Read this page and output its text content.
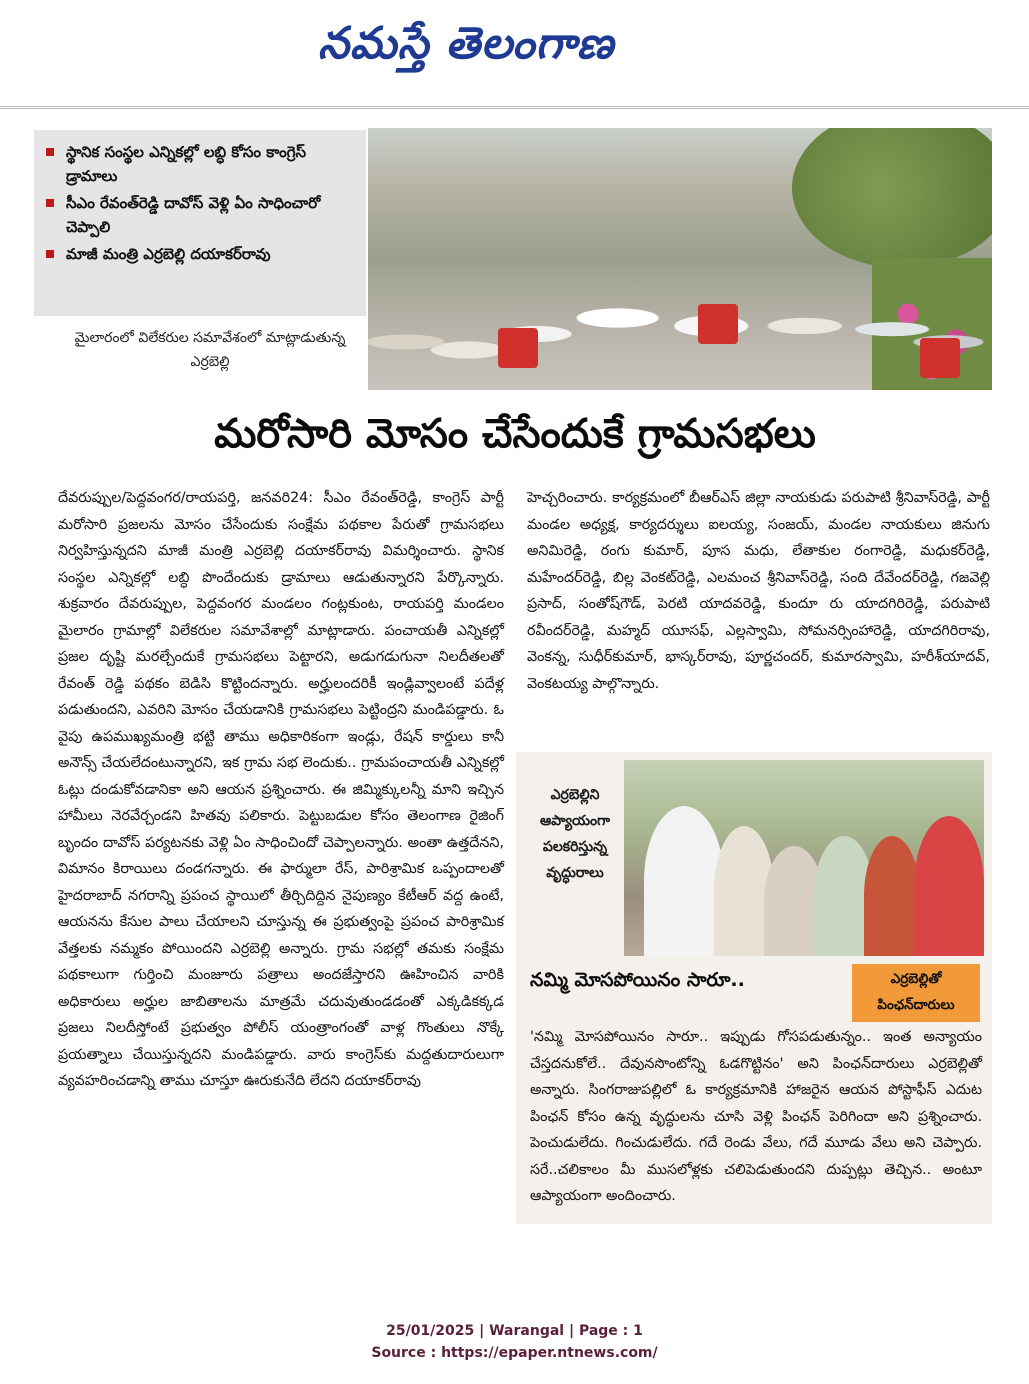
నమస్తే తెలంగాణ
స్థానిక సంస్థల ఎన్నికల్లో లబ్ధి కోసం కాంగ్రెస్ డ్రామాలు
సీఎం రేవంత్‌రెడ్డి దావోస్ వెళ్లి ఏం సాధించారో చెప్పాలి
మాజీ మంత్రి ఎర్రబెల్లి దయాకర్‌రావు
మైలారంలో విలేకరుల సమావేశంలో మాట్లాడుతున్న ఎర్రబెల్లి
మరోసారి మోసం చేసేందుకే గ్రామసభలు
దేవరుప్పుల/పెద్దవంగర/రాయపర్తి, జనవరి24: సీఎం రేవంత్‌రెడ్డి, కాంగ్రెస్ పార్టీ మరోసారి ప్రజలను మోసం చేసేందుకు సంక్షేమ పథకాల పేరుతో గ్రామసభలు నిర్వహిస్తున్నదని మాజీ మంత్రి ఎర్రబెల్లి దయాకర్‌రావు విమర్శించారు. స్థానిక సంస్థల ఎన్నికల్లో లబ్ధి పొందేందుకు డ్రామాలు ఆడుతున్నారని పేర్కొన్నారు. శుక్రవారం దేవరుప్పుల, పెద్దవంగర మండలం గంట్లకుంట, రాయపర్తి మండలం మైలారం గ్రామాల్లో విలేకరుల సమావేశాల్లో మాట్లాడారు. పంచాయతీ ఎన్నికల్లో ప్రజల దృష్టి మరల్చేందుకే గ్రామసభలు పెట్టారని, అడుగడుగునా నిలదీతలతో రేవంత్ రెడ్డి పథకం బెడిసి కొట్టిందన్నారు. అర్హులందరికీ ఇండ్లివ్వాలంటే పదేళ్ల పడుతుందని, ఎవరిని మోసం చేయడానికి గ్రామసభలు పెట్టింద్రని మండిపడ్డారు. ఓ వైపు ఉపముఖ్యమంత్రి భట్టి తాము అధికారికంగా ఇండ్లు, రేషన్ కార్డులు కానీ అనౌన్స్ చేయలేదంటున్నారని, ఇక గ్రామ సభ లెందుకు.. గ్రామపంచాయతీ ఎన్నికల్లో ఓట్లు దండుకోవడానికా అని ఆయన ప్రశ్నించారు. ఈ జిమ్మిక్కులన్నీ మాని ఇచ్చిన హామీలు నెరవేర్చండని హితవు పలికారు. పెట్టుబడుల కోసం తెలంగాణ రైజింగ్ బృందం దావోస్ పర్యటనకు వెళ్లి ఏం సాధించిందో చెప్పాలన్నారు. అంతా ఉత్తదేనని, విమానం కిరాయిలు దండగన్నారు. ఈ ఫార్ములా రేస్, పారిశ్రామిక ఒప్పందాలతో హైదరాబాద్ నగరాన్ని ప్రపంచ స్థాయిలో తీర్చిదిద్దిన నైపుణ్యం కేటీఆర్ వద్ద ఉంటే, ఆయనను కేసుల పాలు చేయాలని చూస్తున్న ఈ ప్రభుత్వంపై ప్రపంచ పారిశ్రామిక వేత్తలకు నమ్మకం పోయిందని ఎర్రబెల్లి అన్నారు. గ్రామ సభల్లో తమకు సంక్షేమ పథకాలుగా గుర్తించి మంజూరు పత్రాలు అందజేస్తారని ఊహించిన వారికి అధికారులు అర్హుల జాబితాలను మాత్రమే చదువుతుండడంతో ఎక్కడికక్కడ ప్రజలు నిలదీస్తోంటే ప్రభుత్వం పోలీస్ యంత్రాంగంతో వాళ్ల గొంతులు నొక్కే ప్రయత్నాలు చేయిస్తున్నదని మండిపడ్డారు. వారు కాంగ్రెస్‌కు మద్దతుదారులుగా వ్యవహరించడాన్ని తాము చూస్తూ ఊరుకునేది లేదని దయాకర్‌రావు
హెచ్చరించారు. కార్యక్రమంలో బీఆర్‌ఎస్ జిల్లా నాయకుడు పరుపాటి శ్రీనివాస్‌రెడ్డి, పార్టీ మండల అధ్యక్ష, కార్యదర్శులు ఐలయ్య, సంజయ్, మండల నాయకులు జినుగు అనిమిరెడ్డి, రంగు కుమార్, పూస మధు, లేతాకుల రంగారెడ్డి, మధుకర్‌రెడ్డి, మహేందర్‌రెడ్డి, బిల్ల వెంకట్‌రెడ్డి, ఎలమంచ శ్రీనివాస్‌రెడ్డి, సంది దేవేందర్‌రెడ్డి, గజవెల్లి ప్రసాద్, సంతోష్‌గౌడ్, పెరటి యాదవరెడ్డి, కుందూ రు యాదగిరిరెడ్డి, పరుపాటి రవీందర్‌రెడ్డి, మహ్మద్ యూసఫ్, ఎల్లస్వామి, సోమనర్సింహారెడ్డి, యాదగిరిరావు, వెంకన్న, సుధీర్‌కుమార్, భాస్కర్‌రావు, పూర్ణచందర్, కుమారస్వామి, హరీశ్‌యాదవ్, వెంకటయ్య పాల్గొన్నారు.
ఎర్రబెల్లిని ఆప్యాయంగా పలకరిస్తున్న వృద్ధురాలు
నమ్మి మోసపోయినం సారూ..	ఎర్రబెల్లితో పింఛన్‌దారులు
'నమ్మి మోసపోయినం సారూ.. ఇప్పుడు గోసపడుతున్నం.. ఇంత అన్యాయం చేస్తదనుకోలే.. దేవునసొంటోన్ని ఓడగొట్టినం' అని పింఛన్‌దారులు ఎర్రబెల్లితో అన్నారు. సింగరాజుపల్లిలో ఓ కార్యక్రమానికి హాజరైన ఆయన పోస్టాఫీస్ ఎదుట పింఛన్ కోసం ఉన్న వృద్ధులను చూసి వెళ్లి పింఛన్ పెరిగిందా అని ప్రశ్నించారు. పెంచుడులేదు. గించుడులేదు. గదే రెండు వేలు, గదే మూడు వేలు అని చెప్పారు. సరే..చలికాలం మీ ముసలోళ్లకు చలిపెడుతుందని దుప్పట్లు తెచ్చిన.. అంటూ ఆప్యాయంగా అందించారు.
25/01/2025 | Warangal | Page : 1
Source : https://epaper.ntnews.com/
